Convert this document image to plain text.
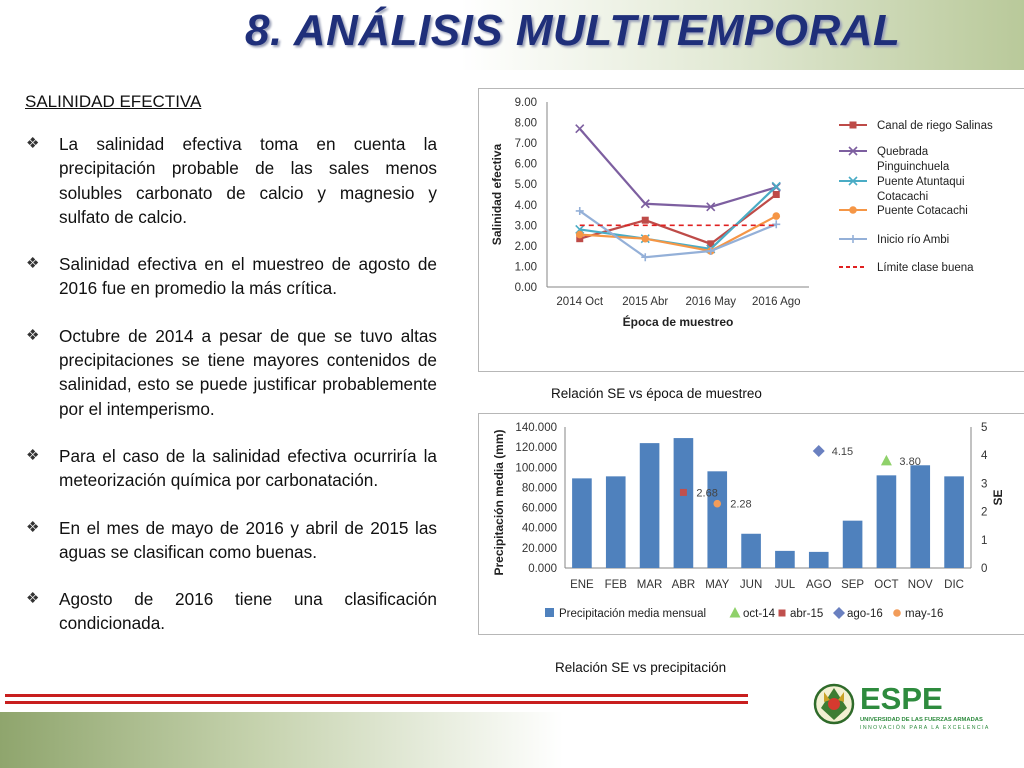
8. ANÁLISIS MULTITEMPORAL
SALINIDAD EFECTIVA
❖ La salinidad efectiva toma en cuenta la precipitación probable de las sales menos solubles carbonato de calcio y magnesio y sulfato de calcio.
❖ Salinidad efectiva en el muestreo de agosto de 2016 fue en promedio la más crítica.
❖ Octubre de 2014 a pesar de que se tuvo altas precipitaciones se tiene mayores contenidos de salinidad, esto se puede justificar probablemente por el intemperismo.
❖ Para el caso de la salinidad efectiva ocurriría la meteorización química por carbonatación.
❖ En el mes de mayo de 2016 y abril de 2015 las aguas se clasifican como buenas.
❖ Agosto de 2016 tiene una clasificación condicionada.
0.00
1.00
2.00
3.00
4.00
5.00
6.00
7.00
8.00
9.00
2014 Oct 2015 Abr 2016 May 2016 Ago
Época de muestreo
Salinidad efectiva
Canal de riego Salinas
Quebrada
Pinguinchuela
Puente Atuntaqui
Cotacachi
Puente Cotacachi
Inicio río Ambi
Límite clase buena
Relación SE vs época de muestreo
0.000
20.000
40.000
60.000
80.000
100.000
120.000
140.000
0
1
2
3
4
5
Precipitación media (mm)	SE
ENE FEB MAR ABR MAY JUN JUL AGO SEP OCT NOV DIC
3.80
2.68
4.15
2.28
Precipitación media mensual	oct-14 abr-15 ago-16 may-16
Relación SE vs precipitación
ESPE
UNIVERSIDAD DE LAS FUERZAS ARMADAS
INNOVACIÓN PARA LA EXCELENCIA
